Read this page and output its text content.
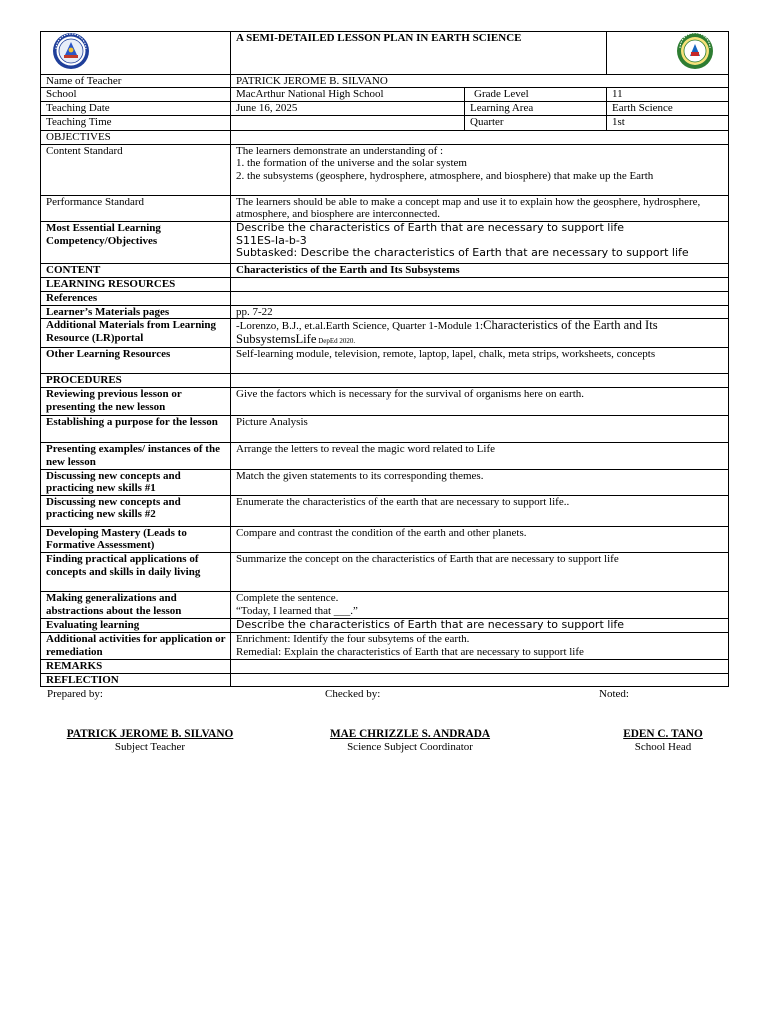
	A SEMI-DETAILED LESSON PLAN IN EARTH SCIENCE	
Name of Teacher	PATRICK JEROME B. SILVANO		
School	MacArthur National High School	Grade Level	11
Teaching Date	June 16, 2025	Learning Area	Earth Science
Teaching Time		Quarter	1st
OBJECTIVES			
Content Standard	The learners demonstrate an understanding of :
1. the formation of the universe and the solar system
2. the subsystems (geosphere, hydrosphere, atmosphere, and biosphere) that make up the Earth		

Performance Standard	The learners should be able to make a concept map and use it to explain how the geosphere, hydrosphere, atmosphere, and biosphere are interconnected.		
Most Essential Learning Competency/Objectives	Describe the characteristics of Earth that are necessary to support life
S11ES-Ia-b-3
Subtasked: Describe the characteristics of Earth that are necessary to support life		

CONTENT	Characteristics of the Earth and Its Subsystems		
LEARNING RESOURCES			
References			
Learner’s Materials pages	pp. 7-22		
Additional Materials from Learning Resource (LR)portal	-Lorenzo, B.J., et.al.Earth Science, Quarter 1-Module 1:Characteristics of the Earth and Its SubsystemsLife DepEd 2020.		
Other Learning Resources	Self-learning module, television, remote, laptop, lapel, chalk, meta strips, worksheets, concepts		
PROCEDURES			
Reviewing previous lesson or presenting the new lesson	Give the factors which is necessary for the survival of organisms here on earth.		
Establishing a purpose for the lesson	Picture Analysis		
Presenting examples/ instances of the new lesson	Arrange the letters to reveal the magic word related to Life		
Discussing new concepts and practicing new skills #1	Match the given statements to its corresponding themes.		
Discussing new concepts and practicing new skills #2	Enumerate the characteristics of the earth that are necessary to support life..		
Developing Mastery (Leads to Formative Assessment)	Compare and contrast the condition of the earth and other planets.		
Finding practical applications of concepts and skills in daily living	Summarize the concept on the characteristics of Earth that are necessary to support life		
Making generalizations and abstractions about the lesson	Complete the sentence.
“Today, I learned that ___.”		

Evaluating learning	Describe the characteristics of Earth that are necessary to support life		
Additional activities for application or remediation	Enrichment: Identify the four subsytems of the earth.
Remedial: Explain the characteristics of Earth that are necessary to support life		

REMARKS			
REFLECTION			
Prepared by:	Checked by:	Noted:
PATRICK JEROME B. SILVANO
Subject Teacher
MAE CHRIZZLE S. ANDRADA
Science Subject Coordinator
EDEN C. TANO
School Head
